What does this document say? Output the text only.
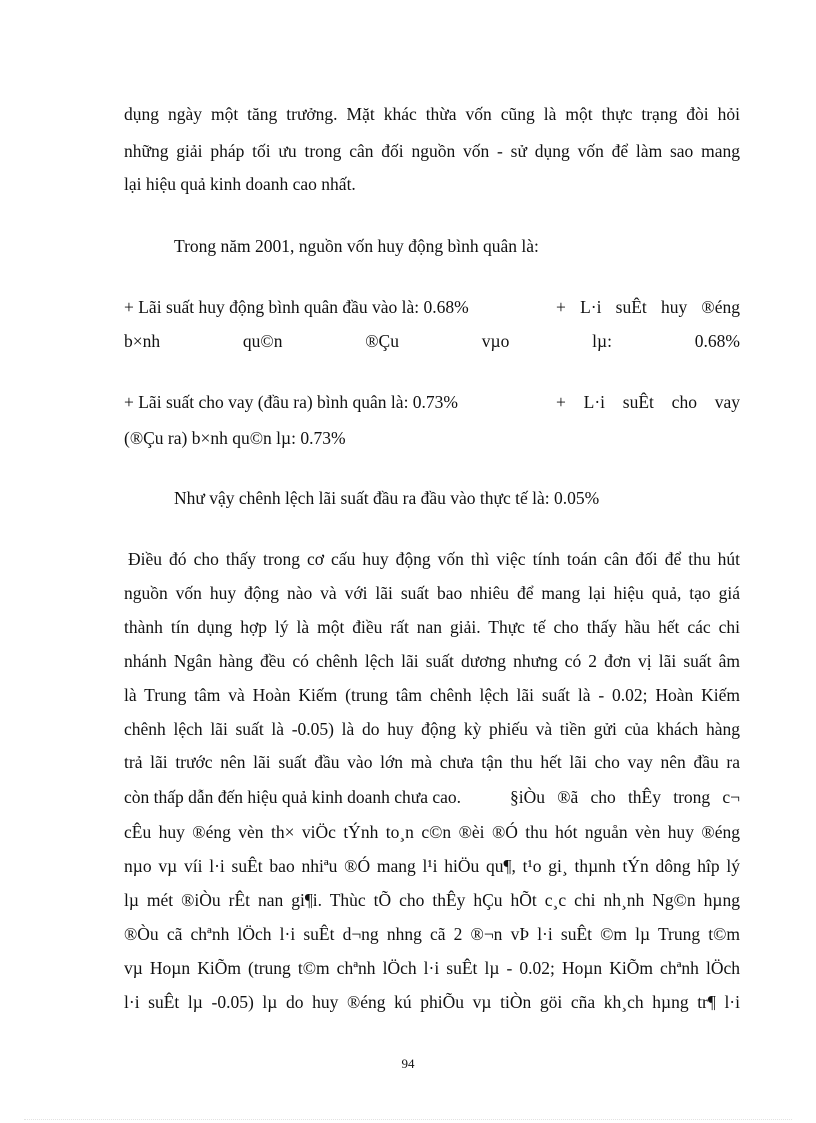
dụng ngày một tăng trưởng. Mặt khác thừa vốn cũng là một thực trạng đòi hỏi
những giải pháp tối ưu trong cân đối nguồn vốn - sử dụng vốn để làm sao mang
lại hiệu quả kinh doanh cao nhất.
Trong năm 2001, nguồn vốn huy động bình quân là:
+ Lãi suất huy động bình quân đầu vào là: 0.68%	+ L·i suÊt huy ®éng
b×nh	qu©n	®Çu	vµo	lµ:	0.68%
+ Lãi suất cho vay (đầu ra) bình quân là: 0.73%	+ L·i suÊt cho vay
(®Çu ra) b×nh qu©n lµ: 0.73%
Như vậy chênh lệch lãi suất đầu ra đầu vào thực tế là: 0.05%
Điều đó cho thấy trong cơ cấu huy động vốn thì việc tính toán cân đối để thu hút
nguồn vốn huy động nào và với lãi suất bao nhiêu để mang lại hiệu quả, tạo giá
thành tín dụng hợp lý là một điều rất nan giải. Thực tế cho thấy hầu hết các chi
nhánh Ngân hàng đều có chênh lệch lãi suất dương nhưng có 2 đơn vị lãi suất âm
là Trung tâm và Hoàn Kiếm (trung tâm chênh lệch lãi suất là - 0.02; Hoàn Kiếm
chênh lệch lãi suất là -0.05) là do huy động kỳ phiếu và tiền gửi của khách hàng
trả lãi trước nên lãi suất đầu vào lớn mà chưa tận thu hết lãi cho vay nên đầu ra
còn thấp dẫn đến hiệu quả kinh doanh chưa cao.	§iÒu ®ã cho thÊy trong c¬
cÊu huy ®éng vèn th× viÖc tÝnh to¸n c©n ®èi ®Ó thu hót nguån vèn huy ®éng
nµo vµ víi l·i suÊt bao nhiªu ®Ó mang l¹i hiÖu qu¶, t¹o gi¸ thµnh tÝn dông hîp lý
lµ mét ®iÒu rÊt nan gi¶i. Thùc tÕ cho thÊy hÇu hÕt c¸c chi nh¸nh Ng©n hµng
®Òu cã chªnh lÖch l·i suÊt d¬ng nhng cã 2 ®¬n vÞ l·i suÊt ©m lµ Trung t©m
vµ Hoµn KiÕm (trung t©m chªnh lÖch l·i suÊt lµ - 0.02; Hoµn KiÕm chªnh lÖch
l·i suÊt lµ -0.05) lµ do huy ®éng kú phiÕu vµ tiÒn göi cña kh¸ch hµng tr¶ l·i
94
